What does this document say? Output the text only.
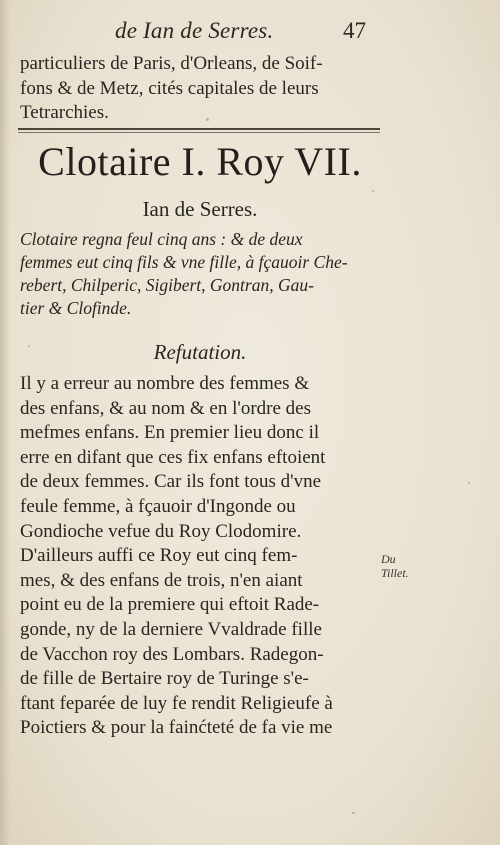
de Ian de Serres.	47
particuliers de Paris, d'Orleans, de Soif-
fons & de Metz, cités capitales de leurs
Tetrarchies.
Clotaire I. Roy VII.
Ian de Serres.
Clotaire regna feul cinq ans : & de deux
femmes eut cinq fils & vne fille, à fçauoir Che-
rebert, Chilperic, Sigibert, Gontran, Gau-
tier & Clofinde.
Refutation.
Il y a erreur au nombre des femmes &
des enfans, & au nom & en l'ordre des
mefmes enfans. En premier lieu donc il
erre en difant que ces fix enfans eftoient
de deux femmes. Car ils font tous d'vne
feule femme, à fçauoir d'Ingonde ou
Gondioche vefue du Roy Clodomire.
D'ailleurs auffi ce Roy eut cinq fem-
mes, & des enfans de trois, n'en aiant
point eu de la premiere qui eftoit Rade-
gonde, ny de la derniere Vvaldrade fille
de Vacchon roy des Lombars. Radegon-
de fille de Bertaire roy de Turinge s'e-
ftant feparée de luy fe rendit Religieufe à
Poictiers & pour la fainćteté de fa vie me
Du
Tillet.
